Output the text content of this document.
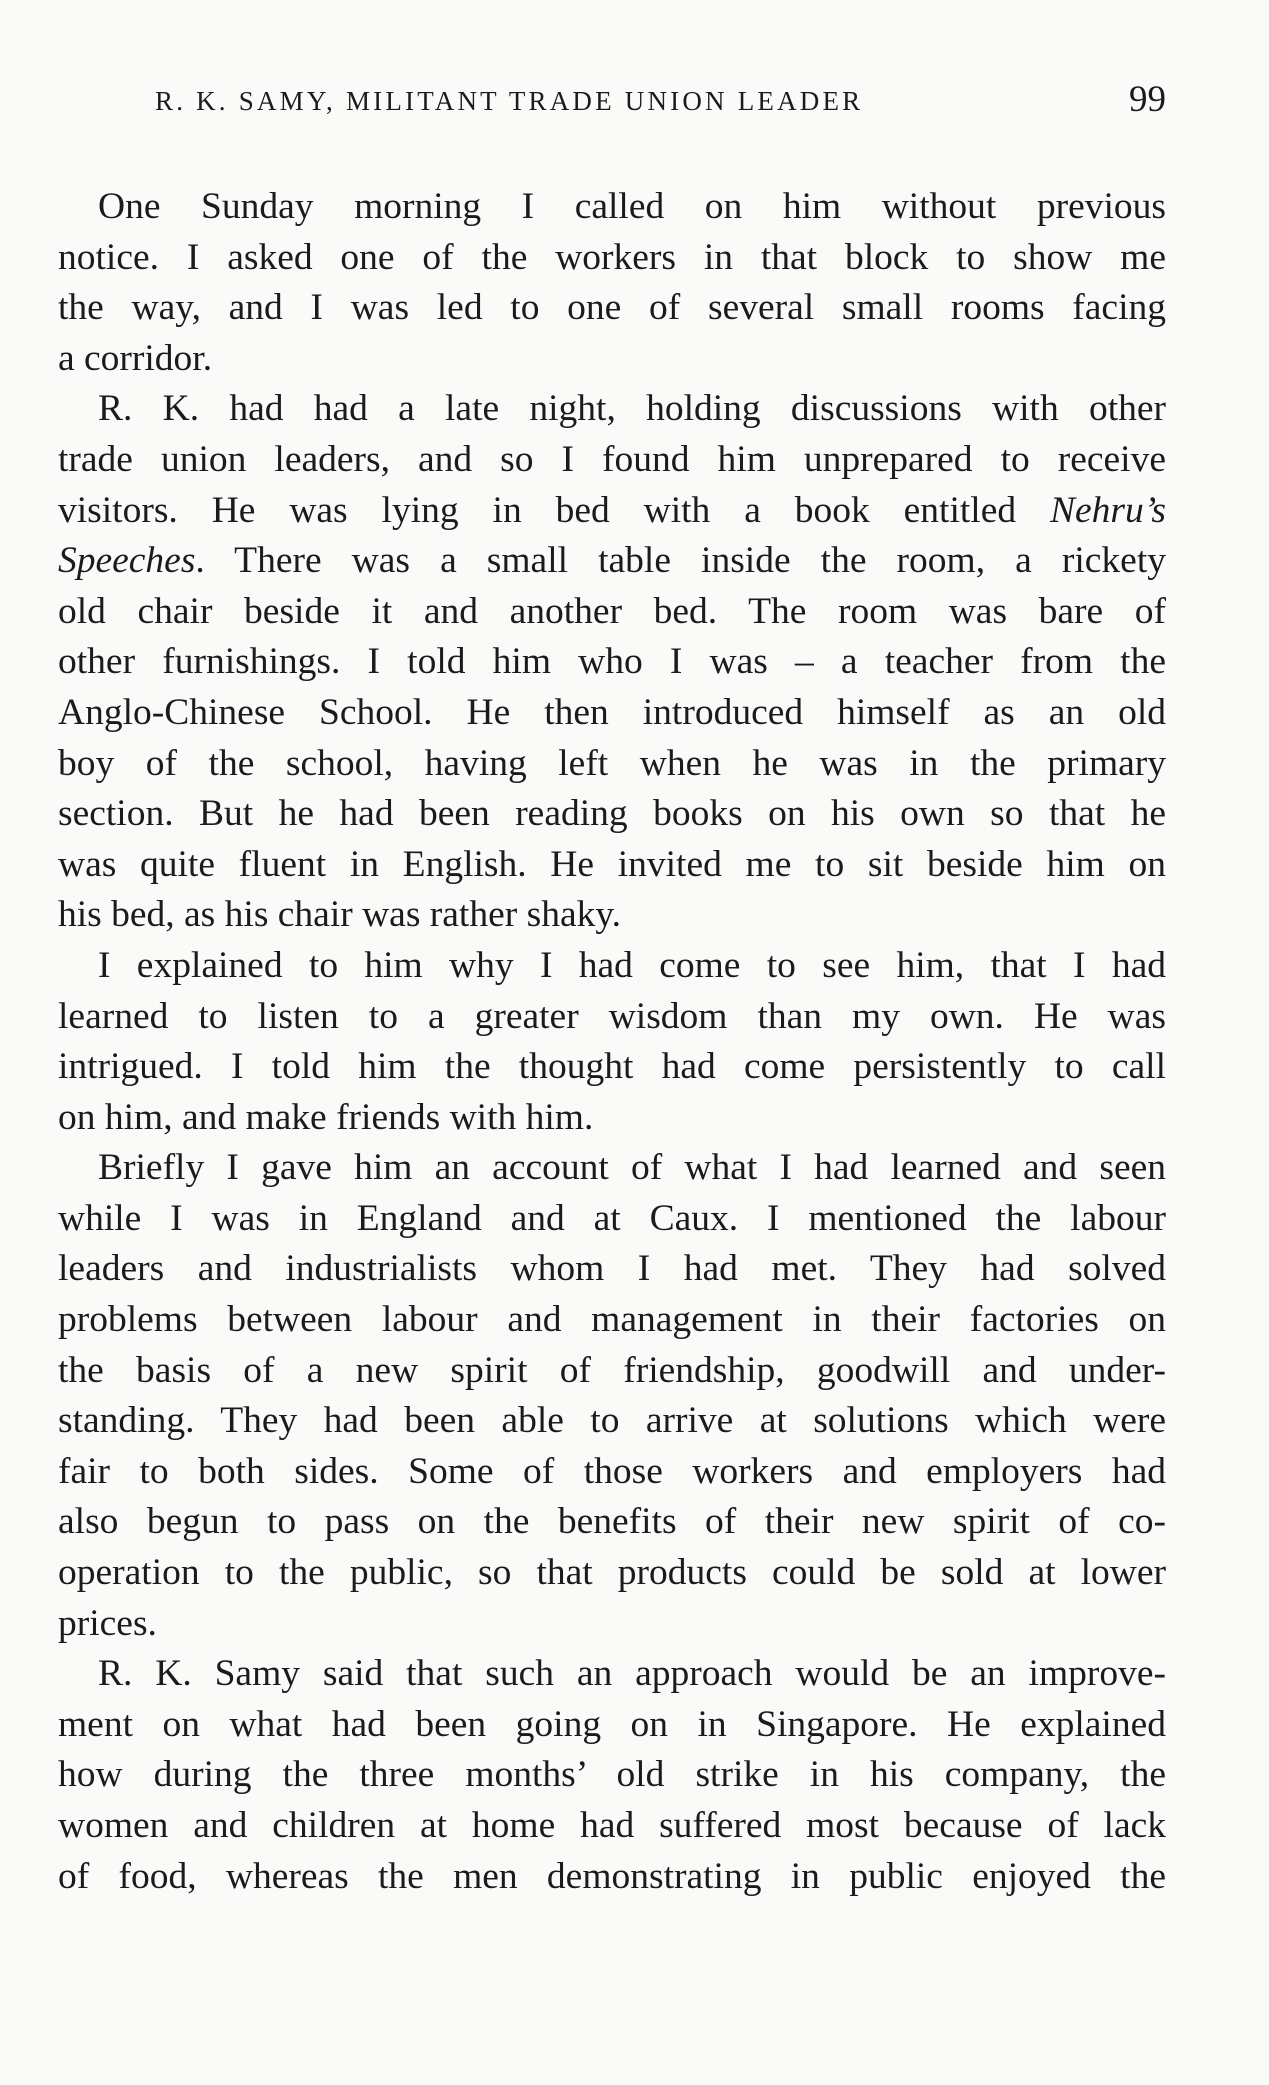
R. K. SAMY, MILITANT TRADE UNION LEADER	99
One Sunday morning I called on him without previous
notice. I asked one of the workers in that block to show me
the way, and I was led to one of several small rooms facing
a corridor.
R. K. had had a late night, holding discussions with other
trade union leaders, and so I found him unprepared to receive
visitors. He was lying in bed with a book entitled Nehru’s
Speeches. There was a small table inside the room, a rickety
old chair beside it and another bed. The room was bare of
other furnishings. I told him who I was – a teacher from the
Anglo-Chinese School. He then introduced himself as an old
boy of the school, having left when he was in the primary
section. But he had been reading books on his own so that he
was quite fluent in English. He invited me to sit beside him on
his bed, as his chair was rather shaky.
I explained to him why I had come to see him, that I had
learned to listen to a greater wisdom than my own. He was
intrigued. I told him the thought had come persistently to call
on him, and make friends with him.
Briefly I gave him an account of what I had learned and seen
while I was in England and at Caux. I mentioned the labour
leaders and industrialists whom I had met. They had solved
problems between labour and management in their factories on
the basis of a new spirit of friendship, goodwill and under-
standing. They had been able to arrive at solutions which were
fair to both sides. Some of those workers and employers had
also begun to pass on the benefits of their new spirit of co-
operation to the public, so that products could be sold at lower
prices.
R. K. Samy said that such an approach would be an improve-
ment on what had been going on in Singapore. He explained
how during the three months’ old strike in his company, the
women and children at home had suffered most because of lack
of food, whereas the men demonstrating in public enjoyed the
